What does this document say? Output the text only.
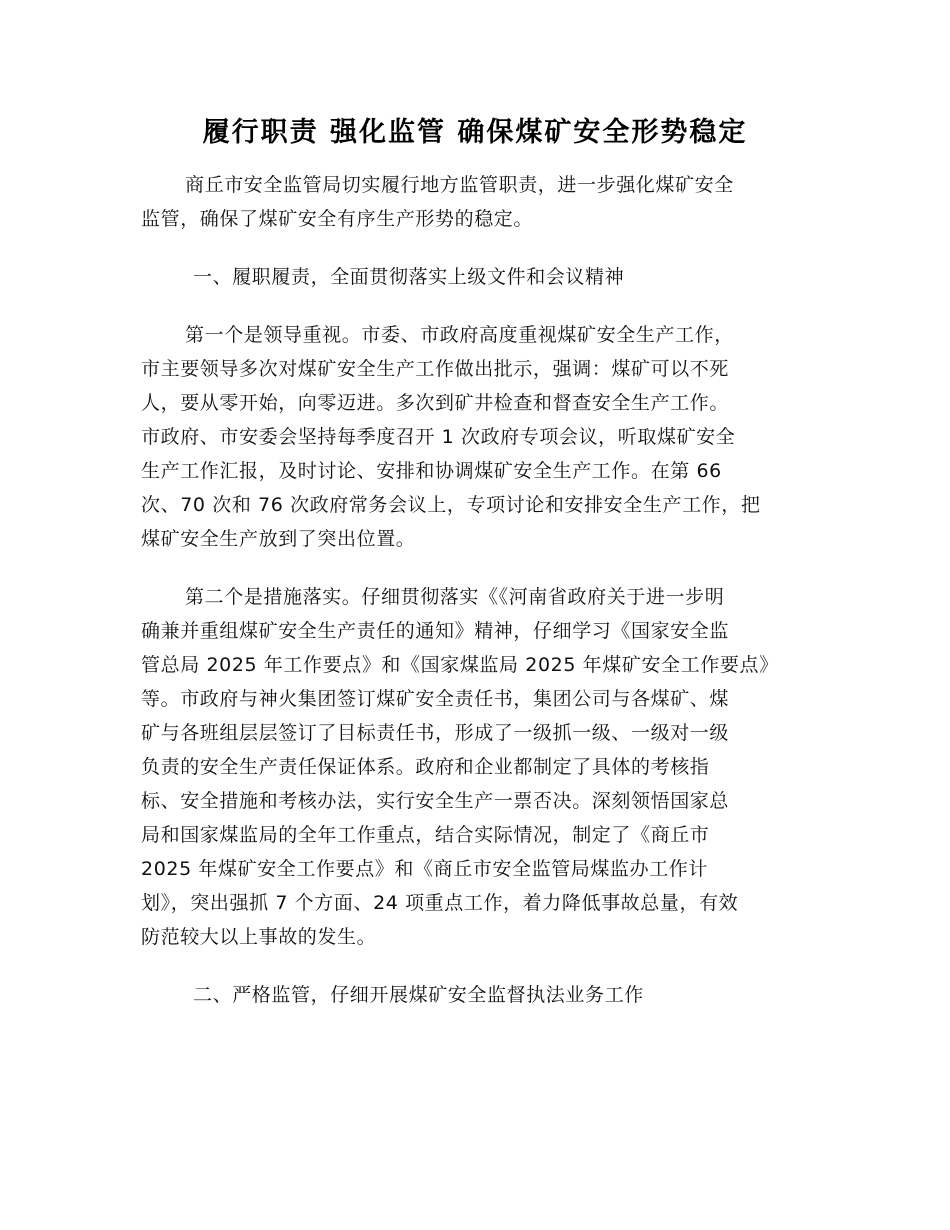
履行职责 强化监管 确保煤矿安全形势稳定
商丘市安全监管局切实履行地方监管职责，进一步强化煤矿安全
监管，确保了煤矿安全有序生产形势的稳定。
一、履职履责，全面贯彻落实上级文件和会议精神
第一个是领导重视。市委、市政府高度重视煤矿安全生产工作，
市主要领导多次对煤矿安全生产工作做出批示，强调：煤矿可以不死
人，要从零开始，向零迈进。多次到矿井检查和督查安全生产工作。
市政府、市安委会坚持每季度召开 1 次政府专项会议，听取煤矿安全
生产工作汇报，及时讨论、安排和协调煤矿安全生产工作。在第 66
次、70 次和 76 次政府常务会议上，专项讨论和安排安全生产工作，把
煤矿安全生产放到了突出位置。
第二个是措施落实。仔细贯彻落实《《河南省政府关于进一步明
确兼并重组煤矿安全生产责任的通知》精神，仔细学习《国家安全监
管总局 2025 年工作要点》和《国家煤监局 2025 年煤矿安全工作要点》
等。市政府与神火集团签订煤矿安全责任书，集团公司与各煤矿、煤
矿与各班组层层签订了目标责任书，形成了一级抓一级、一级对一级
负责的安全生产责任保证体系。政府和企业都制定了具体的考核指
标、安全措施和考核办法，实行安全生产一票否决。深刻领悟国家总
局和国家煤监局的全年工作重点，结合实际情况，制定了《商丘市
2025 年煤矿安全工作要点》和《商丘市安全监管局煤监办工作计
划》，突出强抓 7 个方面、24 项重点工作，着力降低事故总量，有效
防范较大以上事故的发生。
二、严格监管，仔细开展煤矿安全监督执法业务工作
